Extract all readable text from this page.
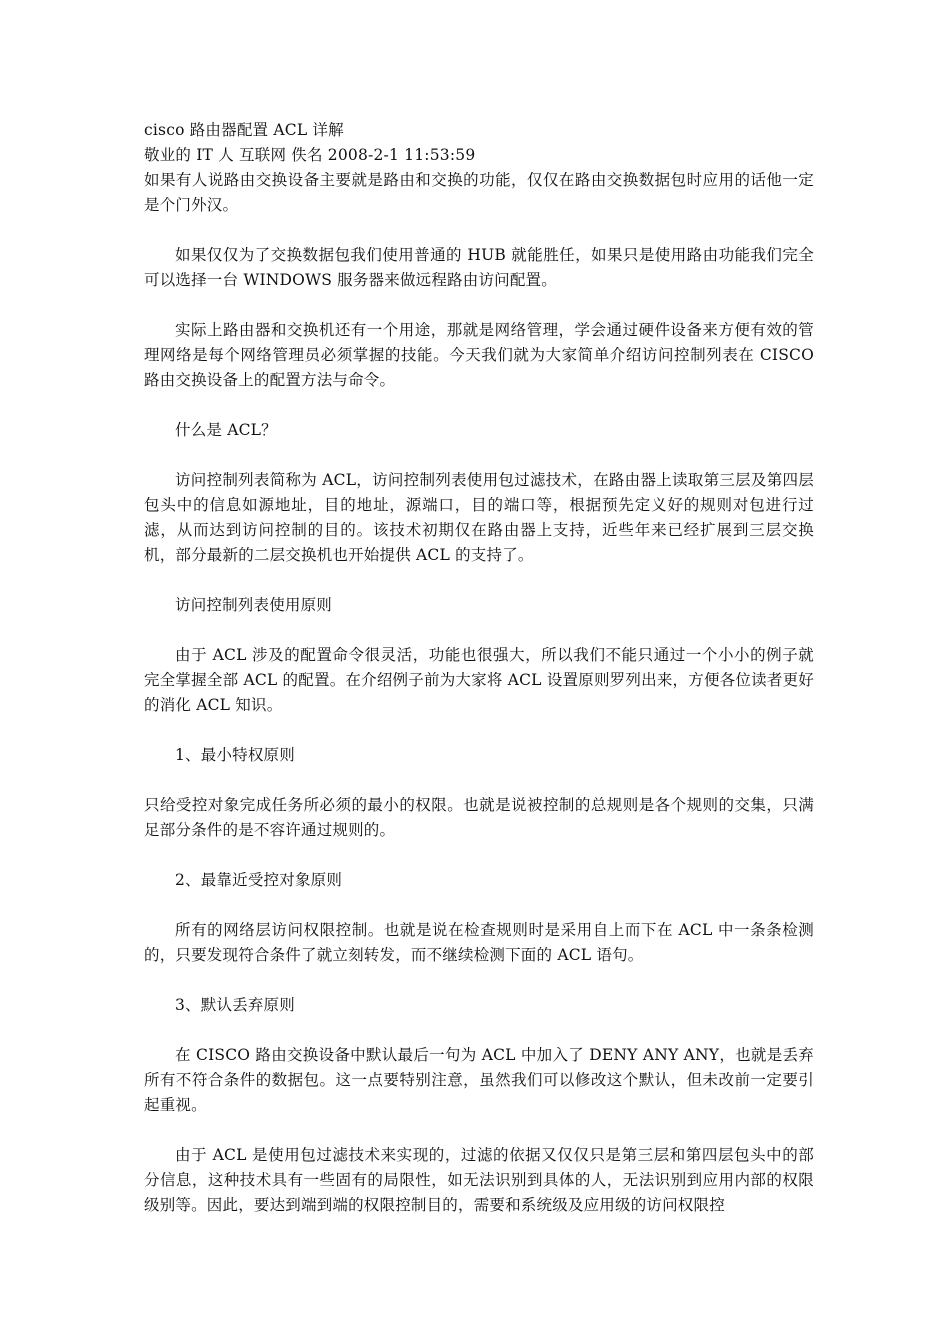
cisco 路由器配置 ACL 详解

敬业的 IT 人 互联网 佚名 2008-2-1 11:53:59

如果有人说路由交换设备主要就是路由和交换的功能，仅仅在路由交换数据包时应用的话他一定是个门外汉。

如果仅仅为了交换数据包我们使用普通的 HUB 就能胜任，如果只是使用路由功能我们完全可以选择一台 WINDOWS 服务器来做远程路由访问配置。

实际上路由器和交换机还有一个用途，那就是网络管理，学会通过硬件设备来方便有效的管理网络是每个网络管理员必须掌握的技能。今天我们就为大家简单介绍访问控制列表在 CISCO 路由交换设备上的配置方法与命令。

什么是 ACL？

访问控制列表简称为 ACL，访问控制列表使用包过滤技术，在路由器上读取第三层及第四层包头中的信息如源地址，目的地址，源端口，目的端口等，根据预先定义好的规则对包进行过滤，从而达到访问控制的目的。该技术初期仅在路由器上支持，近些年来已经扩展到三层交换机，部分最新的二层交换机也开始提供 ACL 的支持了。

访问控制列表使用原则

由于 ACL 涉及的配置命令很灵活，功能也很强大，所以我们不能只通过一个小小的例子就完全掌握全部 ACL 的配置。在介绍例子前为大家将 ACL 设置原则罗列出来，方便各位读者更好的消化 ACL 知识。

1、最小特权原则

只给受控对象完成任务所必须的最小的权限。也就是说被控制的总规则是各个规则的交集，只满足部分条件的是不容许通过规则的。

2、最靠近受控对象原则

所有的网络层访问权限控制。也就是说在检查规则时是采用自上而下在 ACL 中一条条检测的，只要发现符合条件了就立刻转发，而不继续检测下面的 ACL 语句。

3、默认丢弃原则

在 CISCO 路由交换设备中默认最后一句为 ACL 中加入了 DENY ANY ANY，也就是丢弃所有不符合条件的数据包。这一点要特别注意，虽然我们可以修改这个默认，但未改前一定要引起重视。

由于 ACL 是使用包过滤技术来实现的，过滤的依据又仅仅只是第三层和第四层包头中的部分信息，这种技术具有一些固有的局限性，如无法识别到具体的人，无法识别到应用内部的权限级别等。因此，要达到端到端的权限控制目的，需要和系统级及应用级的访问权限控
